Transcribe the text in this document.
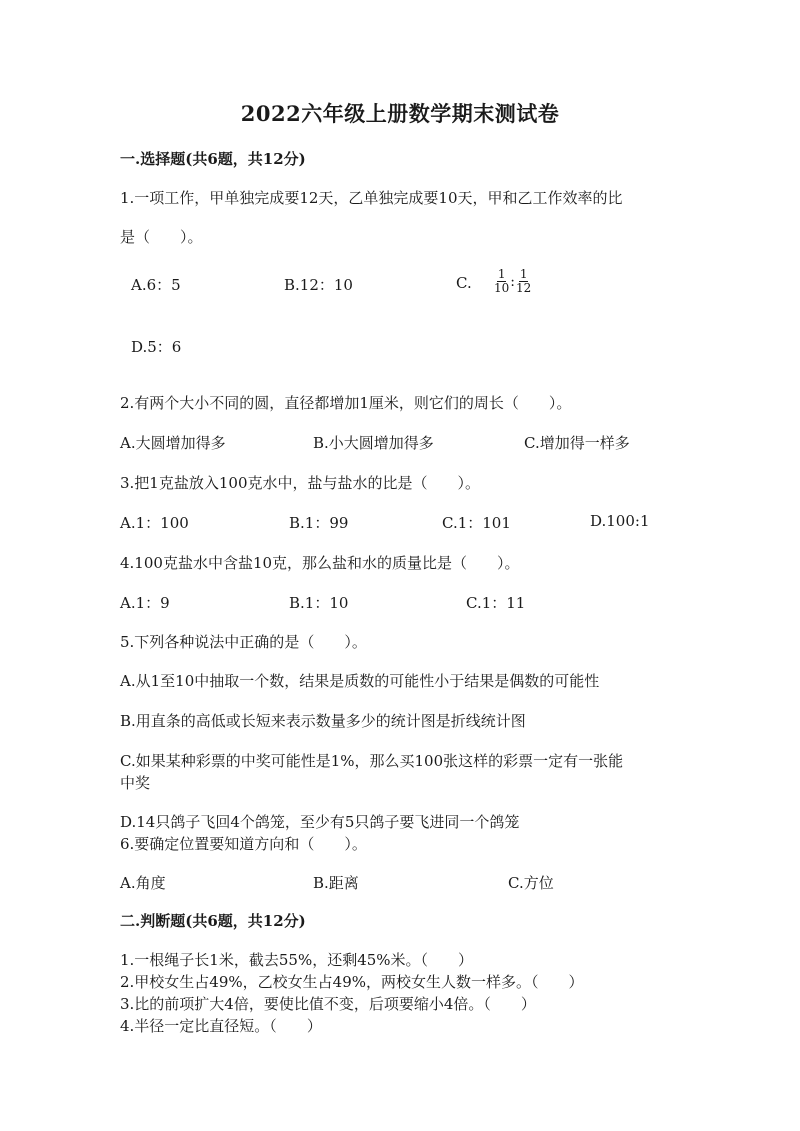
2022六年级上册数学期末测试卷
一.选择题(共6题，共12分)
1.一项工作，甲单独完成要12天，乙单独完成要10天，甲和乙工作效率的比
是（　　）。
A.6：5	B.12：10	C. $\frac{1}{10}$ : $\frac{1}{12}$
D.5：6
2.有两个大小不同的圆，直径都增加1厘米，则它们的周长（　　）。
A.大圆增加得多	B.小大圆增加得多	C.增加得一样多
3.把1克盐放入100克水中，盐与盐水的比是（　　）。
A.1：100	B.1：99	C.1：101	D.100:1
4.100克盐水中含盐10克，那么盐和水的质量比是（　　）。
A.1：9	B.1：10	C.1：11
5.下列各种说法中正确的是（　　）。
A.从1至10中抽取一个数，结果是质数的可能性小于结果是偶数的可能性
B.用直条的高低或长短来表示数量多少的统计图是折线统计图
C.如果某种彩票的中奖可能性是1%，那么买100张这样的彩票一定有一张能
中奖
D.14只鸽子飞回4个鸽笼，至少有5只鸽子要飞进同一个鸽笼
6.要确定位置要知道方向和（　　）。
A.角度	B.距离	C.方位
二.判断题(共6题，共12分)
1.一根绳子长1米，截去55%，还剩45%米。（　　）
2.甲校女生占49%，乙校女生占49%，两校女生人数一样多。（　　）
3.比的前项扩大4倍，要使比值不变，后项要缩小4倍。（　　）
4.半径一定比直径短。（　　）
